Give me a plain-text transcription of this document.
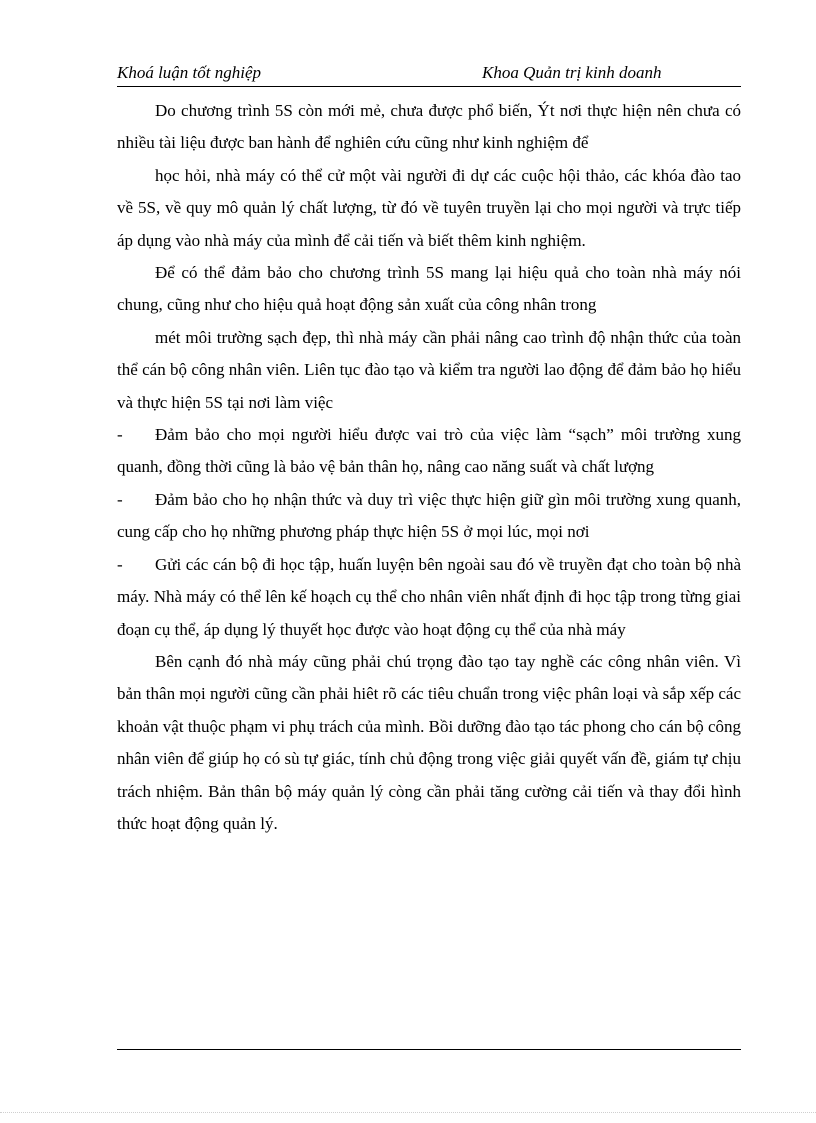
Khoá luận tốt nghiệp	Khoa Quản trị kinh doanh

Do chương trình 5S còn mới mẻ, chưa được phổ biến, Ýt nơi thực hiện nên chưa có nhiều tài liệu được ban hành để nghiên cứu cũng như kinh nghiệm để

học hỏi, nhà máy có thể cử một vài người đi dự các cuộc hội thảo, các khóa đào tao về 5S, về quy mô quản lý chất lượng, từ đó về tuyên truyền lại cho mọi người và trực tiếp áp dụng vào nhà máy của mình để cải tiến và biết thêm kinh nghiệm.

Để có thể đảm bảo cho chương trình 5S mang lại hiệu quả cho toàn nhà máy nói chung, cũng như cho hiệu quả hoạt động sản xuất của công nhân trong

mét môi trường sạch đẹp, thì nhà máy cần phải nâng cao trình độ nhận thức của toàn thể cán bộ công nhân viên. Liên tục đào tạo và kiểm tra người lao động để đảm bảo họ hiểu và thực hiện 5S tại nơi làm việc

- Đảm bảo cho mọi người hiểu được vai trò của việc làm “sạch” môi trường xung quanh, đồng thời cũng là bảo vệ bản thân họ, nâng cao năng suất và chất lượng

- Đảm bảo cho họ nhận thức và duy trì việc thực hiện giữ gìn môi trường xung quanh, cung cấp cho họ những phương pháp thực hiện 5S ở mọi lúc, mọi nơi

- Gửi các cán bộ đi học tập, huấn luyện bên ngoài sau đó về truyền đạt cho toàn bộ nhà máy. Nhà máy có thể lên kế hoạch cụ thể cho nhân viên nhất định đi học tập trong từng giai đoạn cụ thể, áp dụng lý thuyết học được vào hoạt động cụ thể của nhà máy

Bên cạnh đó nhà máy cũng phải chú trọng đào tạo tay nghề các công nhân viên. Vì bản thân mọi người cũng cần phải hiêt rõ các tiêu chuẩn trong việc phân loại và sắp xếp các khoản vật thuộc phạm vi phụ trách của mình. Bồi dưỡng đào tạo tác phong cho cán bộ công nhân viên để giúp họ có sù tự giác, tính chủ động trong việc giải quyết vấn đề, giám tự chịu trách nhiệm. Bản thân bộ máy quản lý còng cần phải tăng cường cải tiến và thay đổi hình thức hoạt động quản lý.
